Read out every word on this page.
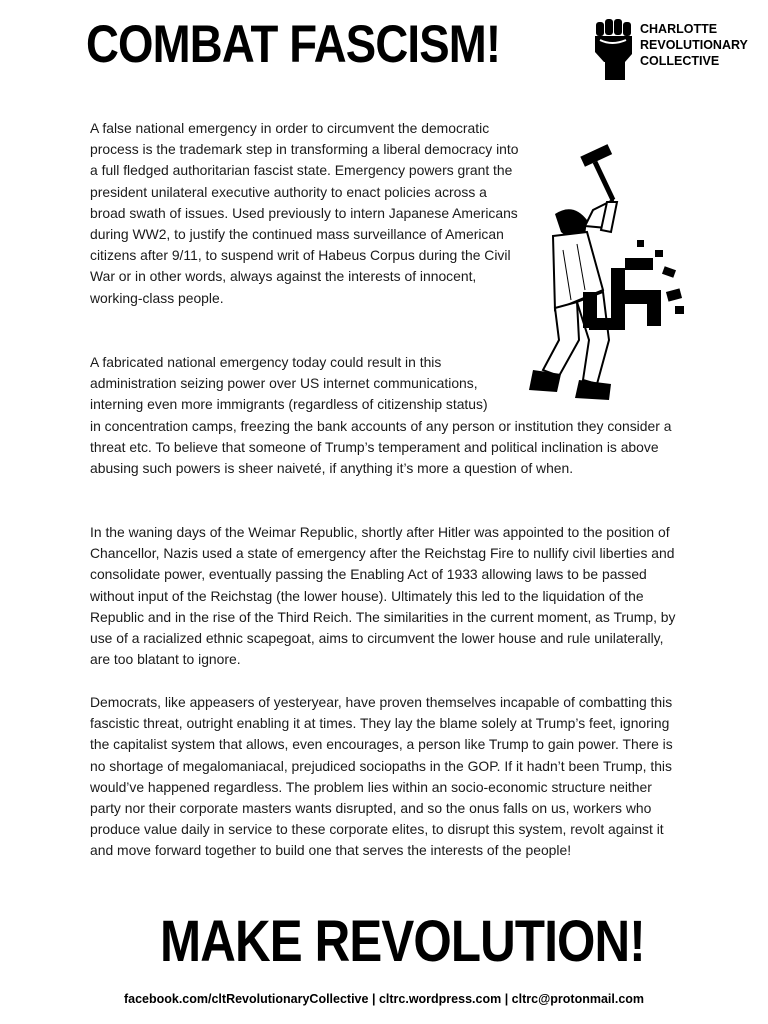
COMBAT FASCISM!	CHARLOTTE
REVOLUTIONARY
COLLECTIVE

A false national emergency in order to circumvent the democratic process is the trademark step in transforming a liberal democracy into a full fledged authoritarian fascist state. Emergency powers grant the president unilateral executive authority to enact policies across a broad swath of issues. Used previously to intern Japanese Americans during WW2, to justify the continued mass surveillance of American citizens after 9/11, to suspend writ of Habeus Corpus during the Civil War or in other words, always against the interests of innocent, working-class people.

A fabricated national emergency today could result in this administration seizing power over US internet communications, interning even more immigrants (regardless of citizenship status) in concentration camps, freezing the bank accounts of any person or institution they consider a threat etc. To believe that someone of Trump’s temperament and political inclination is above abusing such powers is sheer naiveté, if anything it’s more a question of when.

In the waning days of the Weimar Republic, shortly after Hitler was appointed to the position of Chancellor, Nazis used a state of emergency after the Reichstag Fire to nullify civil liberties and consolidate power, eventually passing the Enabling Act of 1933 allowing laws to be passed without input of the Reichstag (the lower house). Ultimately this led to the liquidation of the Republic and in the rise of the Third Reich. The similarities in the current moment, as Trump, by use of a racialized ethnic scapegoat, aims to circumvent the lower house and rule unilaterally, are too blatant to ignore.

Democrats, like appeasers of yesteryear, have proven themselves incapable of combatting this fascistic threat, outright enabling it at times. They lay the blame solely at Trump’s feet, ignoring the capitalist system that allows, even encourages, a person like Trump to gain power. There is no shortage of megalomaniacal, prejudiced sociopaths in the GOP. If it hadn’t been Trump, this would’ve happened regardless. The problem lies within an socio-economic structure neither party nor their corporate masters wants disrupted, and so the onus falls on us, workers who produce value daily in service to these corporate elites, to disrupt this system, revolt against it and move forward together to build one that serves the interests of the people!

MAKE REVOLUTION!
facebook.com/cltRevolutionaryCollective | cltrc.wordpress.com | cltrc@protonmail.com
